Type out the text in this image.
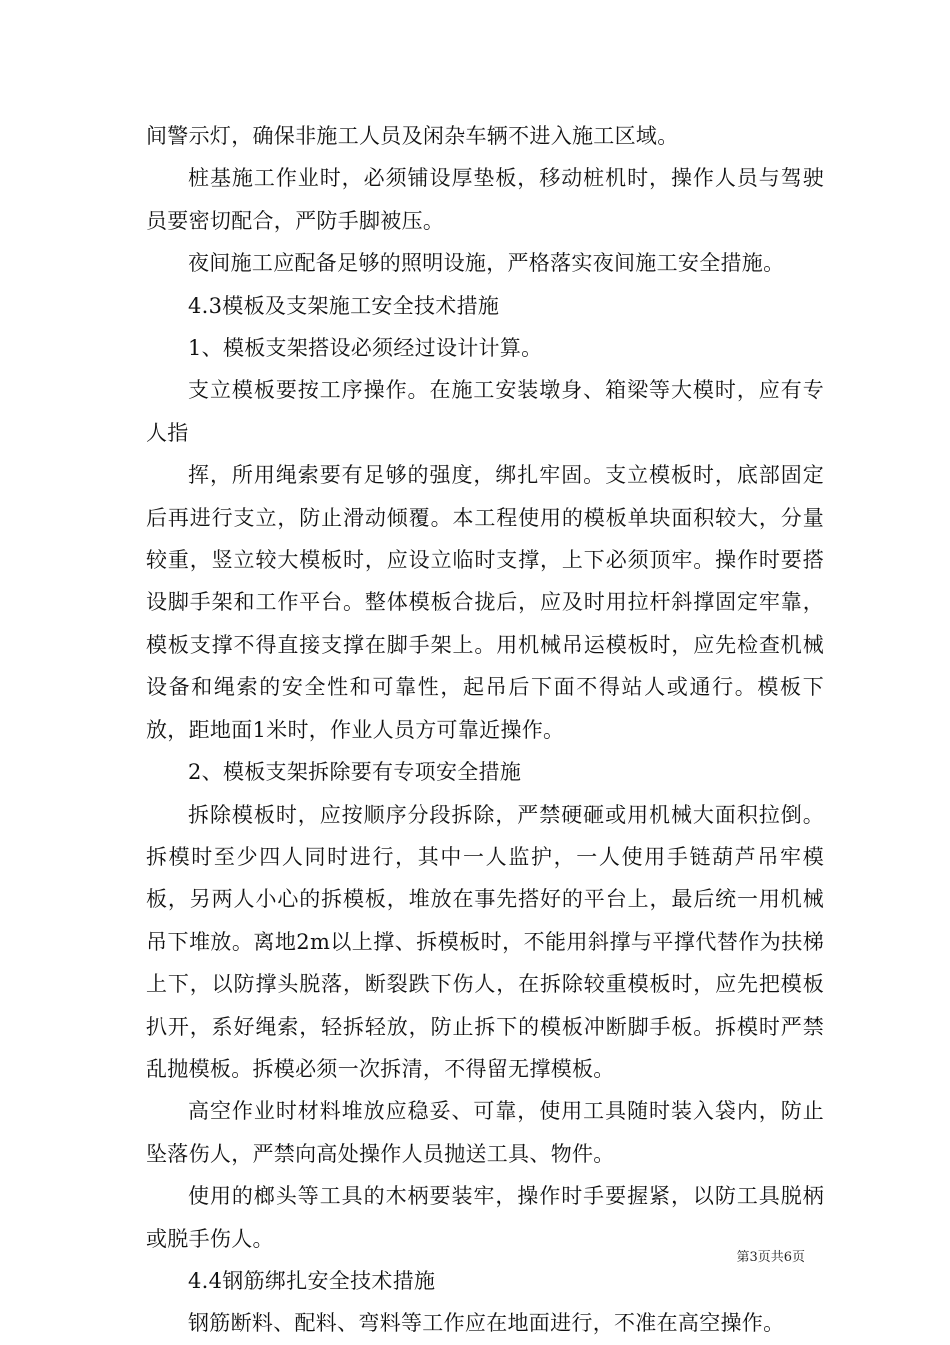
间警示灯，确保非施工人员及闲杂车辆不进入施工区域。

桩基施工作业时，必须铺设厚垫板，移动桩机时，操作人员与驾驶员要密切配合，严防手脚被压。

夜间施工应配备足够的照明设施，严格落实夜间施工安全措施。

4.3模板及支架施工安全技术措施

1、模板支架搭设必须经过设计计算。

支立模板要按工序操作。在施工安装墩身、箱梁等大模时，应有专人指

挥，所用绳索要有足够的强度，绑扎牢固。支立模板时，底部固定后再进行支立，防止滑动倾覆。本工程使用的模板单块面积较大，分量较重，竖立较大模板时，应设立临时支撑，上下必须顶牢。操作时要搭设脚手架和工作平台。整体模板合拢后，应及时用拉杆斜撑固定牢靠，模板支撑不得直接支撑在脚手架上。用机械吊运模板时，应先检查机械设备和绳索的安全性和可靠性，起吊后下面不得站人或通行。模板下放，距地面1米时，作业人员方可靠近操作。

2、模板支架拆除要有专项安全措施

拆除模板时，应按顺序分段拆除，严禁硬砸或用机械大面积拉倒。拆模时至少四人同时进行，其中一人监护，一人使用手链葫芦吊牢模板，另两人小心的拆模板，堆放在事先搭好的平台上，最后统一用机械吊下堆放。离地2m以上撑、拆模板时，不能用斜撑与平撑代替作为扶梯上下，以防撑头脱落，断裂跌下伤人，在拆除较重模板时，应先把模板扒开，系好绳索，轻拆轻放，防止拆下的模板冲断脚手板。拆模时严禁乱抛模板。拆模必须一次拆清，不得留无撑模板。

高空作业时材料堆放应稳妥、可靠，使用工具随时装入袋内，防止坠落伤人，严禁向高处操作人员抛送工具、物件。

使用的榔头等工具的木柄要装牢，操作时手要握紧，以防工具脱柄或脱手伤人。

4.4钢筋绑扎安全技术措施

钢筋断料、配料、弯料等工作应在地面进行，不准在高空操作。

第3页共6页
